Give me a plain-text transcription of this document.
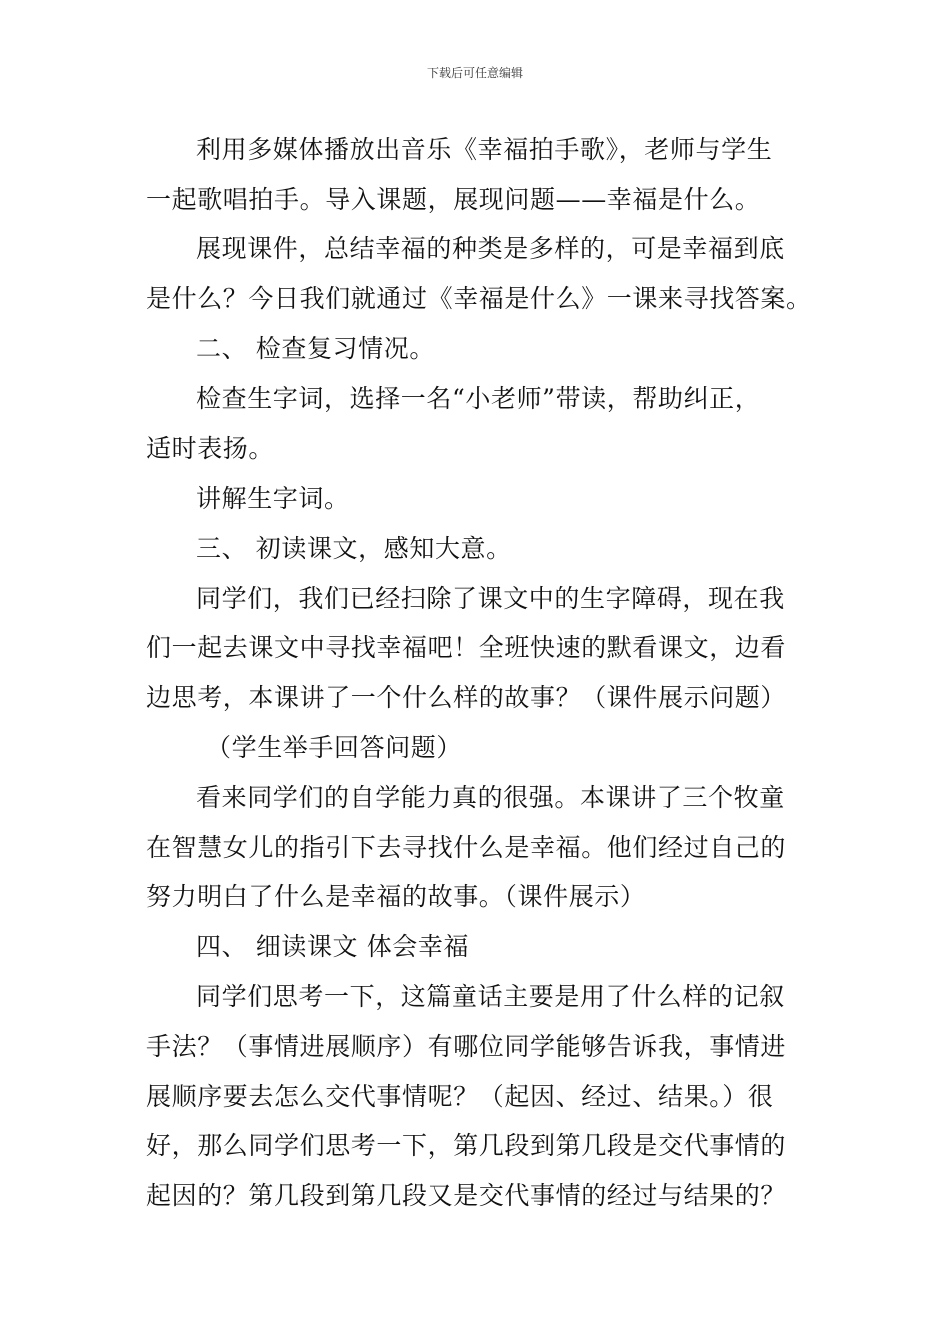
下载后可任意编辑
利用多媒体播放出音乐《幸福拍手歌》，老师与学生
一起歌唱拍手。导入课题，展现问题——幸福是什么。
展现课件，总结幸福的种类是多样的，可是幸福到底
是什么？今日我们就通过《幸福是什么》一课来寻找答案。
二、 检查复习情况。
检查生字词，选择一名“小老师”带读，帮助纠正，
适时表扬。
讲解生字词。
三、 初读课文，感知大意。
同学们，我们已经扫除了课文中的生字障碍，现在我
们一起去课文中寻找幸福吧！全班快速的默看课文，边看
边思考，本课讲了一个什么样的故事？（课件展示问题）
（学生举手回答问题）
看来同学们的自学能力真的很强。本课讲了三个牧童
在智慧女儿的指引下去寻找什么是幸福。他们经过自己的
努力明白了什么是幸福的故事。（课件展示）
四、 细读课文 体会幸福
同学们思考一下，这篇童话主要是用了什么样的记叙
手法？（事情进展顺序）有哪位同学能够告诉我，事情进
展顺序要去怎么交代事情呢？（起因、经过、结果。）很
好，那么同学们思考一下，第几段到第几段是交代事情的
起因的？第几段到第几段又是交代事情的经过与结果的？
